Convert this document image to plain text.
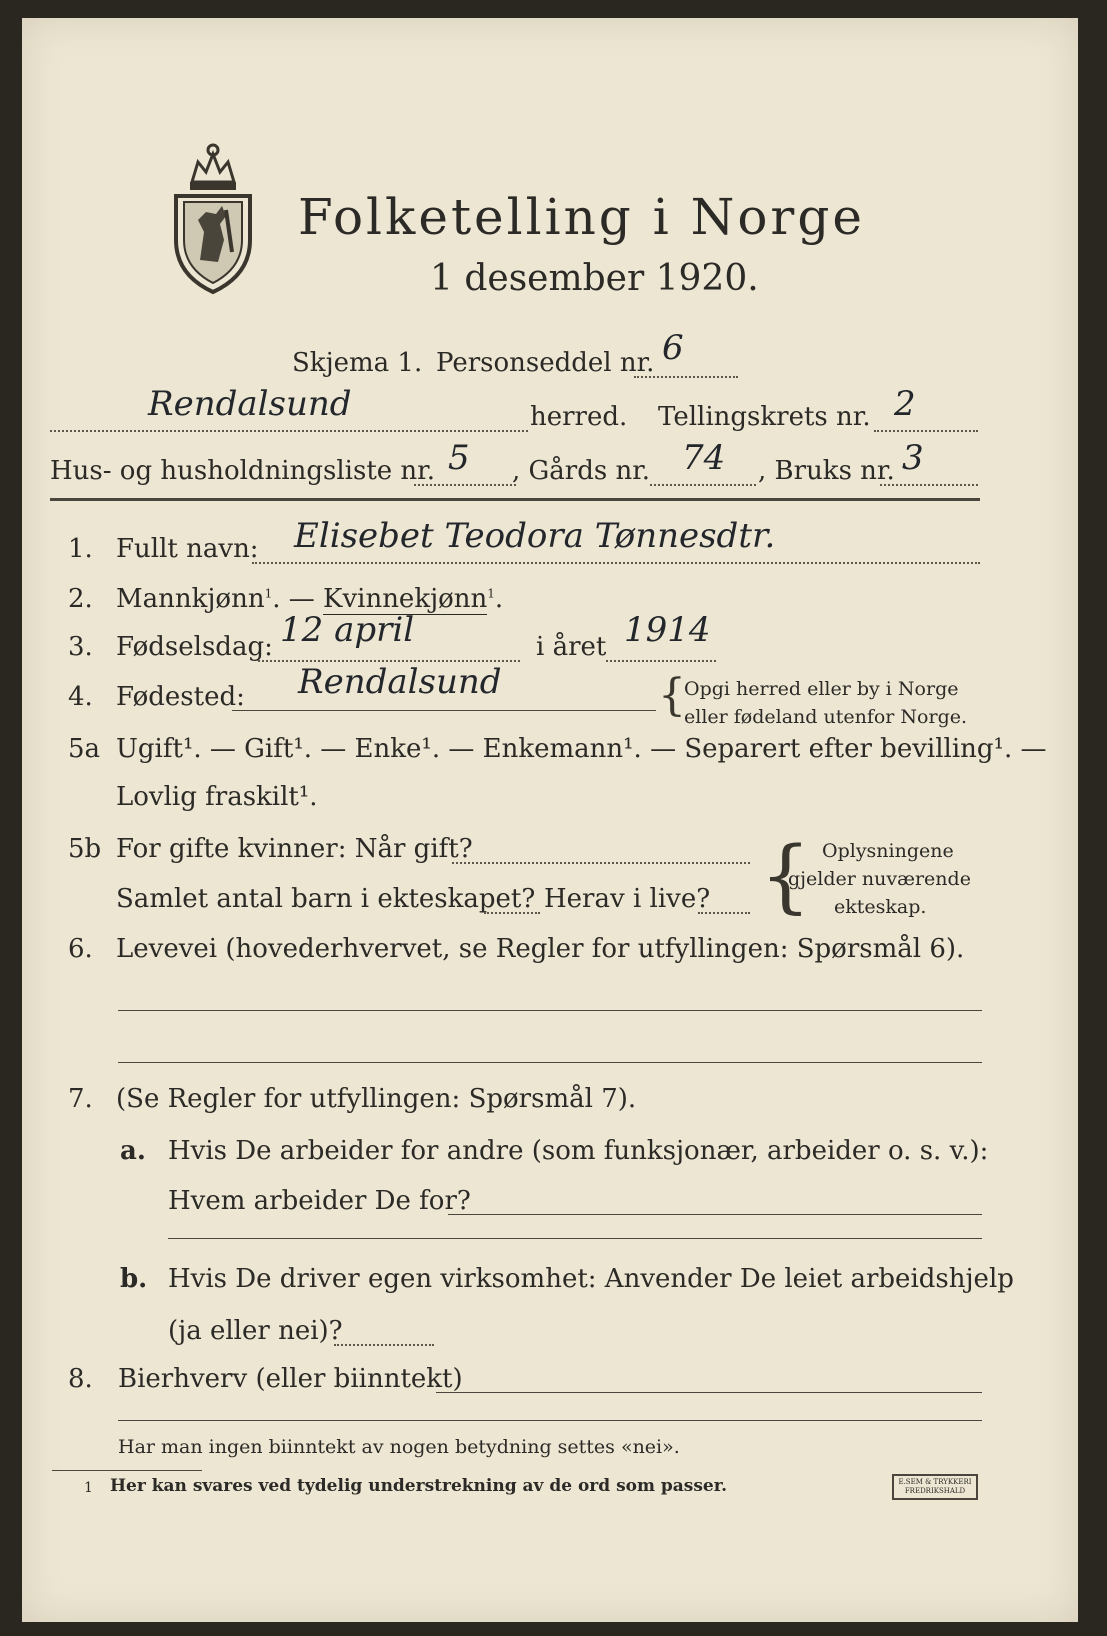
Folketelling i Norge
1 desember 1920.
Skjema 1. Personseddel nr. 6
Rendalsund	herred. Tellingskrets nr. 2
Hus- og husholdningsliste nr. 5 , Gårds nr. 74 , Bruks nr. 3
1. Fullt navn: Elisebet Teodora Tønnesdtr.
2. Mannkjønn$^1$. — Kvinnekjønn$^1$.
3. Fødselsdag: 12 april	i året 1914
4. Fødested: Rendalsund	{
Opgi herred eller by i Norge
eller fødeland utenfor Norge.
5a Ugift¹. — Gift¹. — Enke¹. — Enkemann¹. — Separert efter bevilling¹. —
Lovlig fraskilt¹.
5b For gifte kvinner: Når gift?
Samlet antal barn i ekteskapet? Herav i live? { Oplysningene
gjelder nuværende
ekteskap.
6. Levevei (hovederhvervet, se Regler for utfyllingen: Spørsmål 6).
7. (Se Regler for utfyllingen: Spørsmål 7).
a. Hvis De arbeider for andre (som funksjonær, arbeider o. s. v.):
Hvem arbeider De for?
b. Hvis De driver egen virksomhet: Anvender De leiet arbeidshjelp
(ja eller nei)?
8. Bierhverv (eller biinntekt)
Har man ingen biinntekt av nogen betydning settes «nei».
1 Her kan svares ved tydelig understrekning av de ord som passer.	E.SEM & TRYKKERI
FREDRIKSHALD
